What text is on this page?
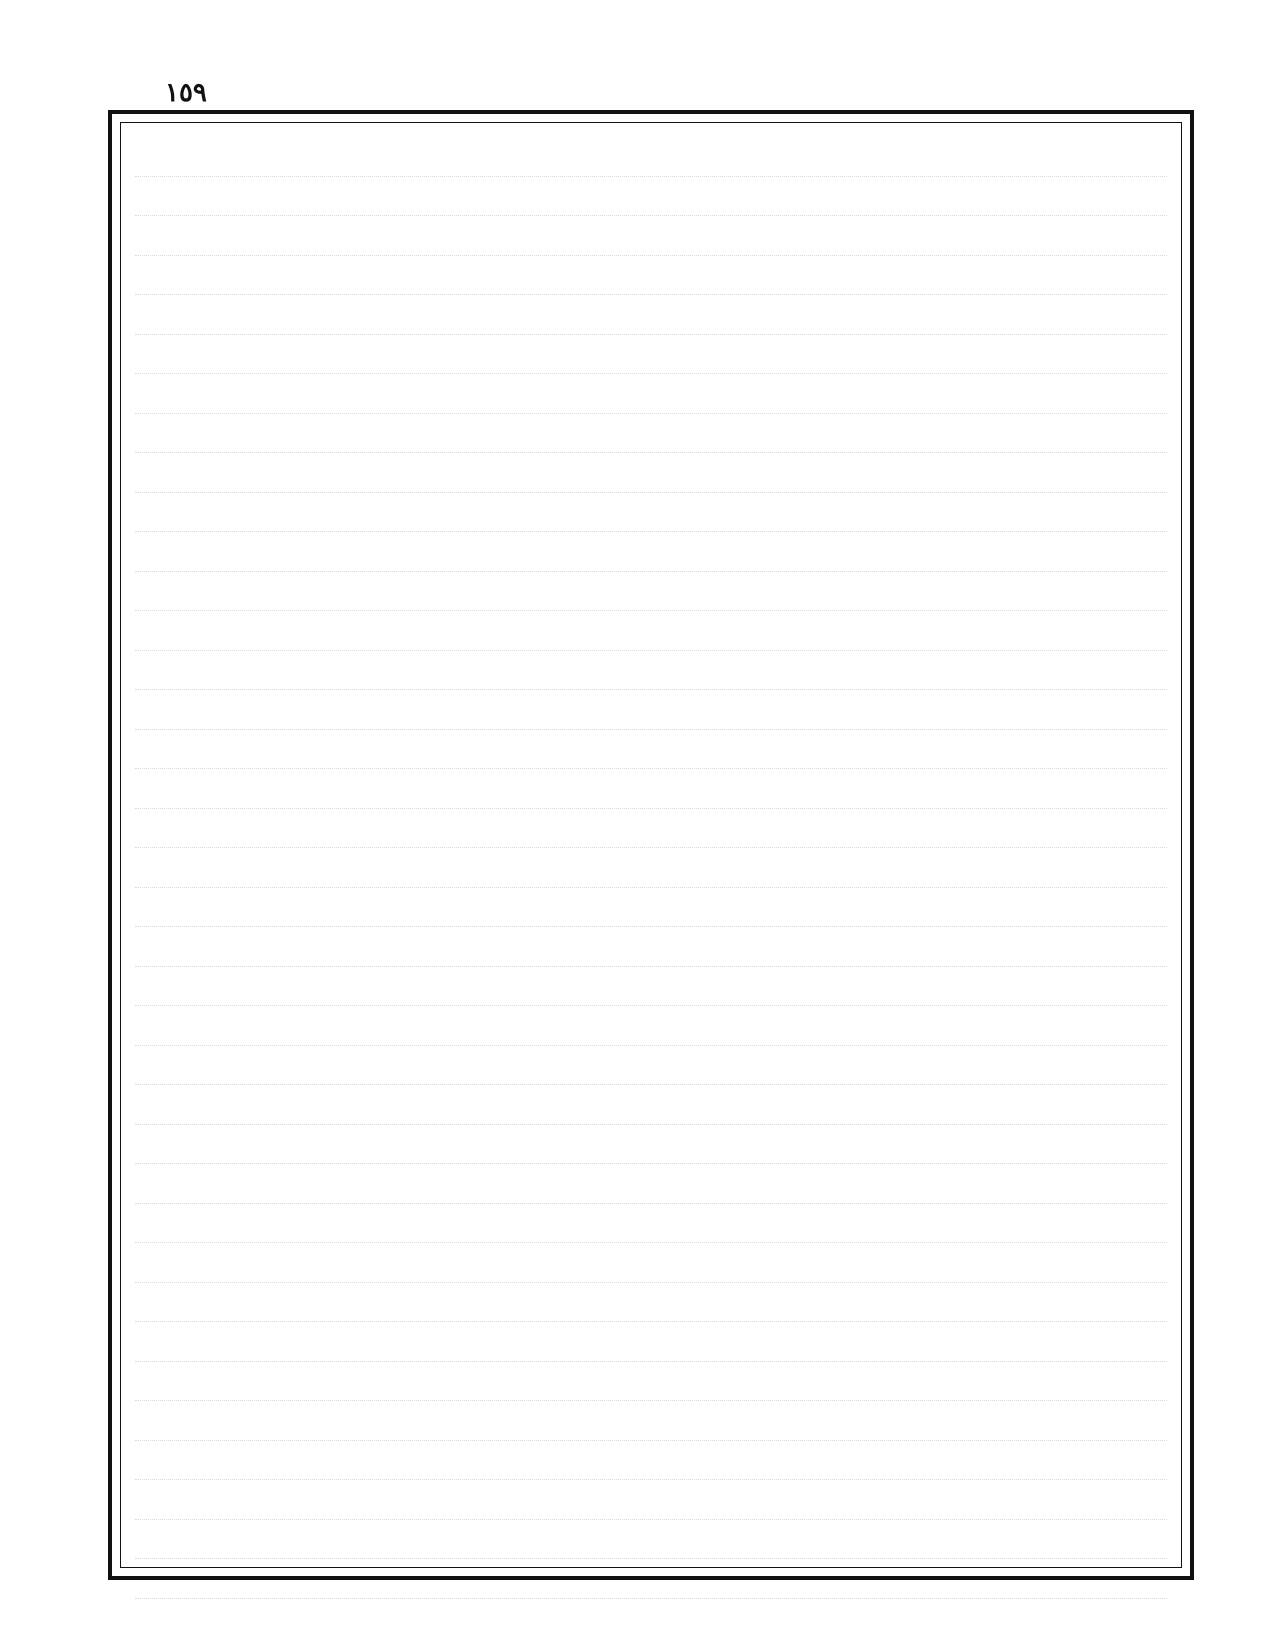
١٥٩
